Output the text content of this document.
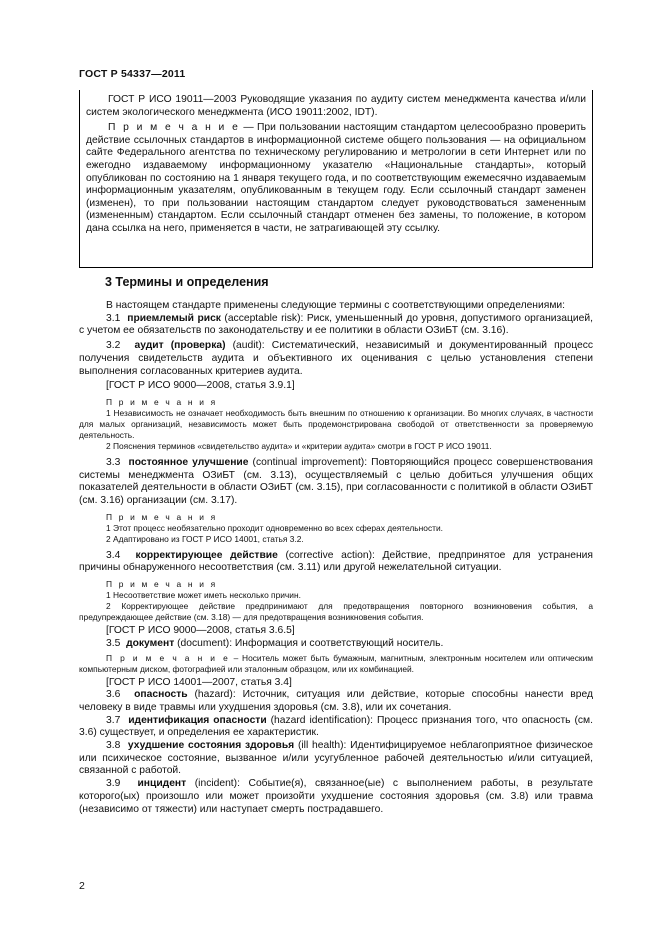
ГОСТ Р 54337—2011

ГОСТ Р ИСО 19011—2003 Руководящие указания по аудиту систем менеджмента качества и/или систем экологического менеджмента (ИСО 19011:2002, IDT).

П р и м е ч а н и е — При пользовании настоящим стандартом целесообразно проверить действие ссылочных стандартов в информационной системе общего пользования — на официальном сайте Федерального агентства по техническому регулированию и метрологии в сети Интернет или по ежегодно издаваемому информационному указателю «Национальные стандарты», который опубликован по состоянию на 1 января текущего года, и по соответствующим ежемесячно издаваемым информационным указателям, опубликованным в текущем году. Если ссылочный стандарт заменен (изменен), то при пользовании настоящим стандартом следует руководствоваться замененным (измененным) стандартом. Если ссылочный стандарт отменен без замены, то положение, в котором дана ссылка на него, применяется в части, не затрагивающей эту ссылку.

3 Термины и определения

В настоящем стандарте применены следующие термины с соответствующими определениями:

3.1 приемлемый риск (acceptable risk): Риск, уменьшенный до уровня, допустимого организацией, с учетом ее обязательств по законодательству и ее политики в области ОЗиБТ (см. 3.16).

3.2 аудит (проверка) (audit): Систематический, независимый и документированный процесс получения свидетельств аудита и объективного их оценивания с целью установления степени выполнения согласованных критериев аудита.

[ГОСТ Р ИСО 9000—2008, статья 3.9.1]

П р и м е ч а н и я

1 Независимость не означает необходимость быть внешним по отношению к организации. Во многих случаях, в частности для малых организаций, независимость может быть продемонстрирована свободой от ответственности за проверяемую деятельность.

2 Пояснения терминов «свидетельство аудита» и «критерии аудита» смотри в ГОСТ Р ИСО 19011.

3.3 постоянное улучшение (continual improvement): Повторяющийся процесс совершенствования системы менеджмента ОЗиБТ (см. 3.13), осуществляемый с целью добиться улучшения общих показателей деятельности в области ОЗиБТ (см. 3.15), при согласованности с политикой в области ОЗиБТ (см. 3.16) организации (см. 3.17).

П р и м е ч а н и я

1 Этот процесс необязательно проходит одновременно во всех сферах деятельности.

2 Адаптировано из ГОСТ Р ИСО 14001, статья 3.2.

3.4 корректирующее действие (corrective action): Действие, предпринятое для устранения причины обнаруженного несоответствия (см. 3.11) или другой нежелательной ситуации.

П р и м е ч а н и я

1 Несоответствие может иметь несколько причин.

2 Корректирующее действие предпринимают для предотвращения повторного возникновения события, а предупреждающее действие (см. 3.18) — для предотвращения возникновения события.

[ГОСТ Р ИСО 9000—2008, статья 3.6.5]

3.5 документ (document): Информация и соответствующий носитель.

П р и м е ч а н и е – Носитель может быть бумажным, магнитным, электронным носителем или оптическим компьютерным диском, фотографией или эталонным образцом, или их комбинацией.

[ГОСТ Р ИСО 14001—2007, статья 3.4]

3.6 опасность (hazard): Источник, ситуация или действие, которые способны нанести вред человеку в виде травмы или ухудшения здоровья (см. 3.8), или их сочетания.

3.7 идентификация опасности (hazard identification): Процесс признания того, что опасность (см. 3.6) существует, и определения ее характеристик.

3.8 ухудшение состояния здоровья (ill health): Идентифицируемое неблагоприятное физическое или психическое состояние, вызванное и/или усугубленное рабочей деятельностью и/или ситуацией, связанной с работой.

3.9 инцидент (incident): Событие(я), связанное(ые) с выполнением работы, в результате которого(ых) произошло или может произойти ухудшение состояния здоровья (см. 3.8) или травма (независимо от тяжести) или наступает смерть пострадавшего.

2
